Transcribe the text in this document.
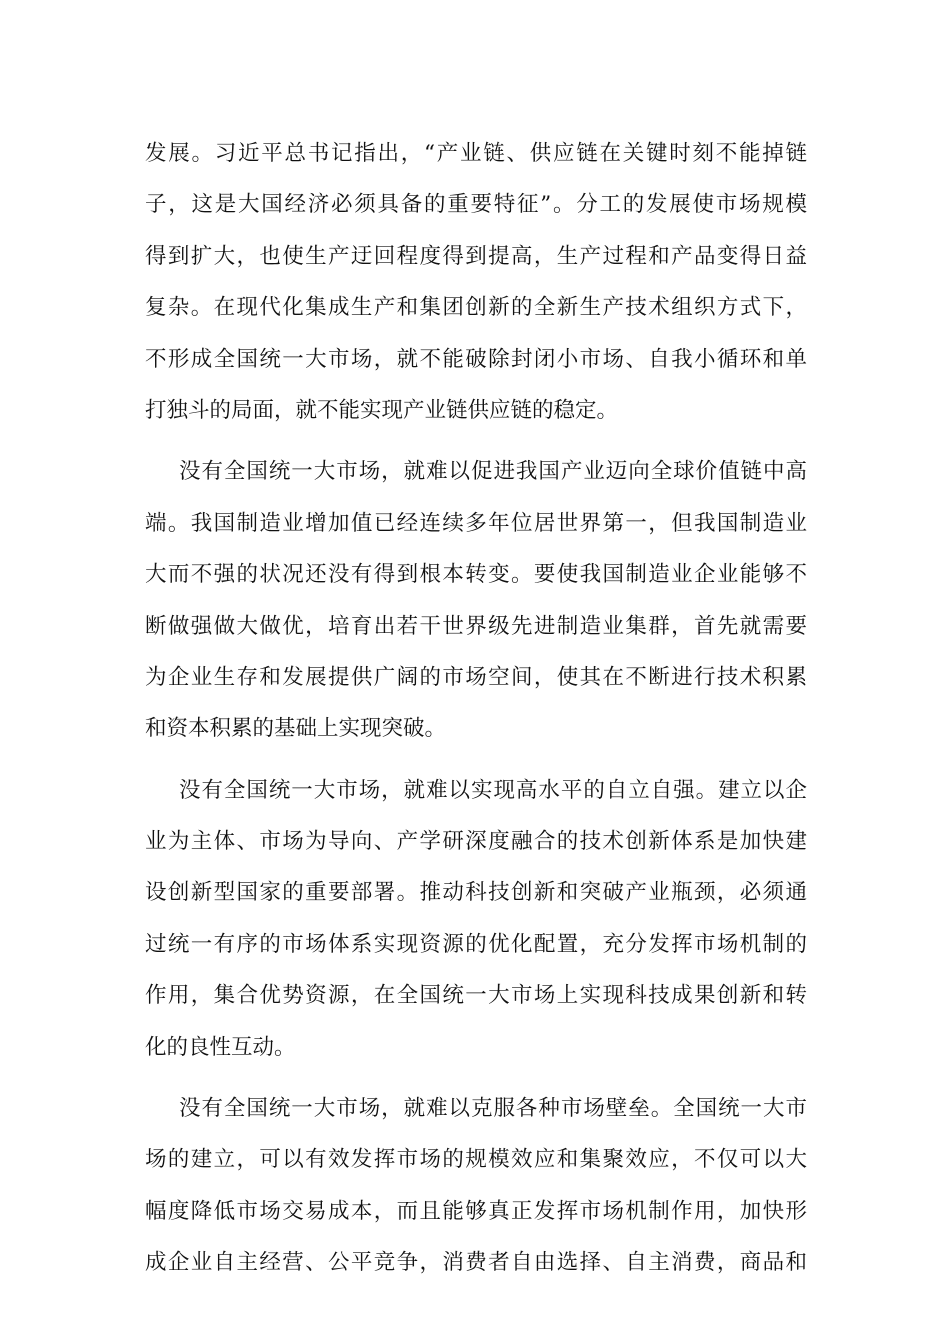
发展。习近平总书记指出，“产业链、供应链在关键时刻不能掉链
子，这是大国经济必须具备的重要特征”。分工的发展使市场规模
得到扩大，也使生产迂回程度得到提高，生产过程和产品变得日益
复杂。在现代化集成生产和集团创新的全新生产技术组织方式下，
不形成全国统一大市场，就不能破除封闭小市场、自我小循环和单
打独斗的局面，就不能实现产业链供应链的稳定。
没有全国统一大市场，就难以促进我国产业迈向全球价值链中高
端。我国制造业增加值已经连续多年位居世界第一，但我国制造业
大而不强的状况还没有得到根本转变。要使我国制造业企业能够不
断做强做大做优，培育出若干世界级先进制造业集群，首先就需要
为企业生存和发展提供广阔的市场空间，使其在不断进行技术积累
和资本积累的基础上实现突破。
没有全国统一大市场，就难以实现高水平的自立自强。建立以企
业为主体、市场为导向、产学研深度融合的技术创新体系是加快建
设创新型国家的重要部署。推动科技创新和突破产业瓶颈，必须通
过统一有序的市场体系实现资源的优化配置，充分发挥市场机制的
作用，集合优势资源，在全国统一大市场上实现科技成果创新和转
化的良性互动。
没有全国统一大市场，就难以克服各种市场壁垒。全国统一大市
场的建立，可以有效发挥市场的规模效应和集聚效应，不仅可以大
幅度降低市场交易成本，而且能够真正发挥市场机制作用，加快形
成企业自主经营、公平竞争，消费者自由选择、自主消费，商品和
